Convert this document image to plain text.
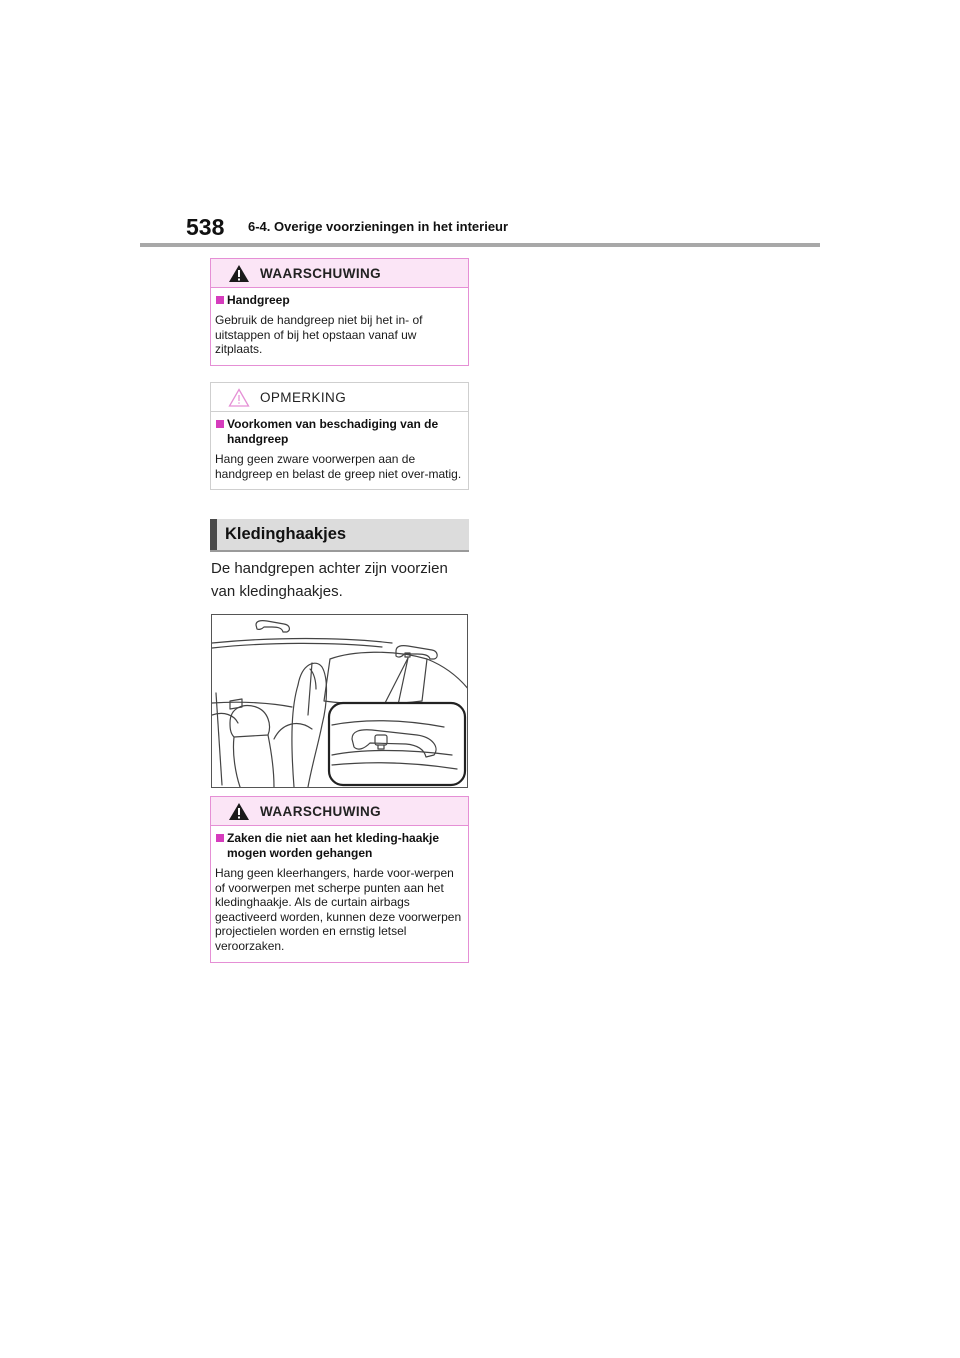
538 6-4. Overige voorzieningen in het interieur
WAARSCHUWING
Handgreep
Gebruik de handgreep niet bij het in- of uitstappen of bij het opstaan vanaf uw zitplaats.
OPMERKING
Voorkomen van beschadiging van de handgreep
Hang geen zware voorwerpen aan de handgreep en belast de greep niet over-matig.
Kledinghaakjes
De handgrepen achter zijn voorzien van kledinghaakjes.
WAARSCHUWING
Zaken die niet aan het kleding-haakje mogen worden gehangen
Hang geen kleerhangers, harde voor-werpen of voorwerpen met scherpe punten aan het kledinghaakje. Als de curtain airbags geactiveerd worden, kunnen deze voorwerpen projectielen worden en ernstig letsel veroorzaken.
